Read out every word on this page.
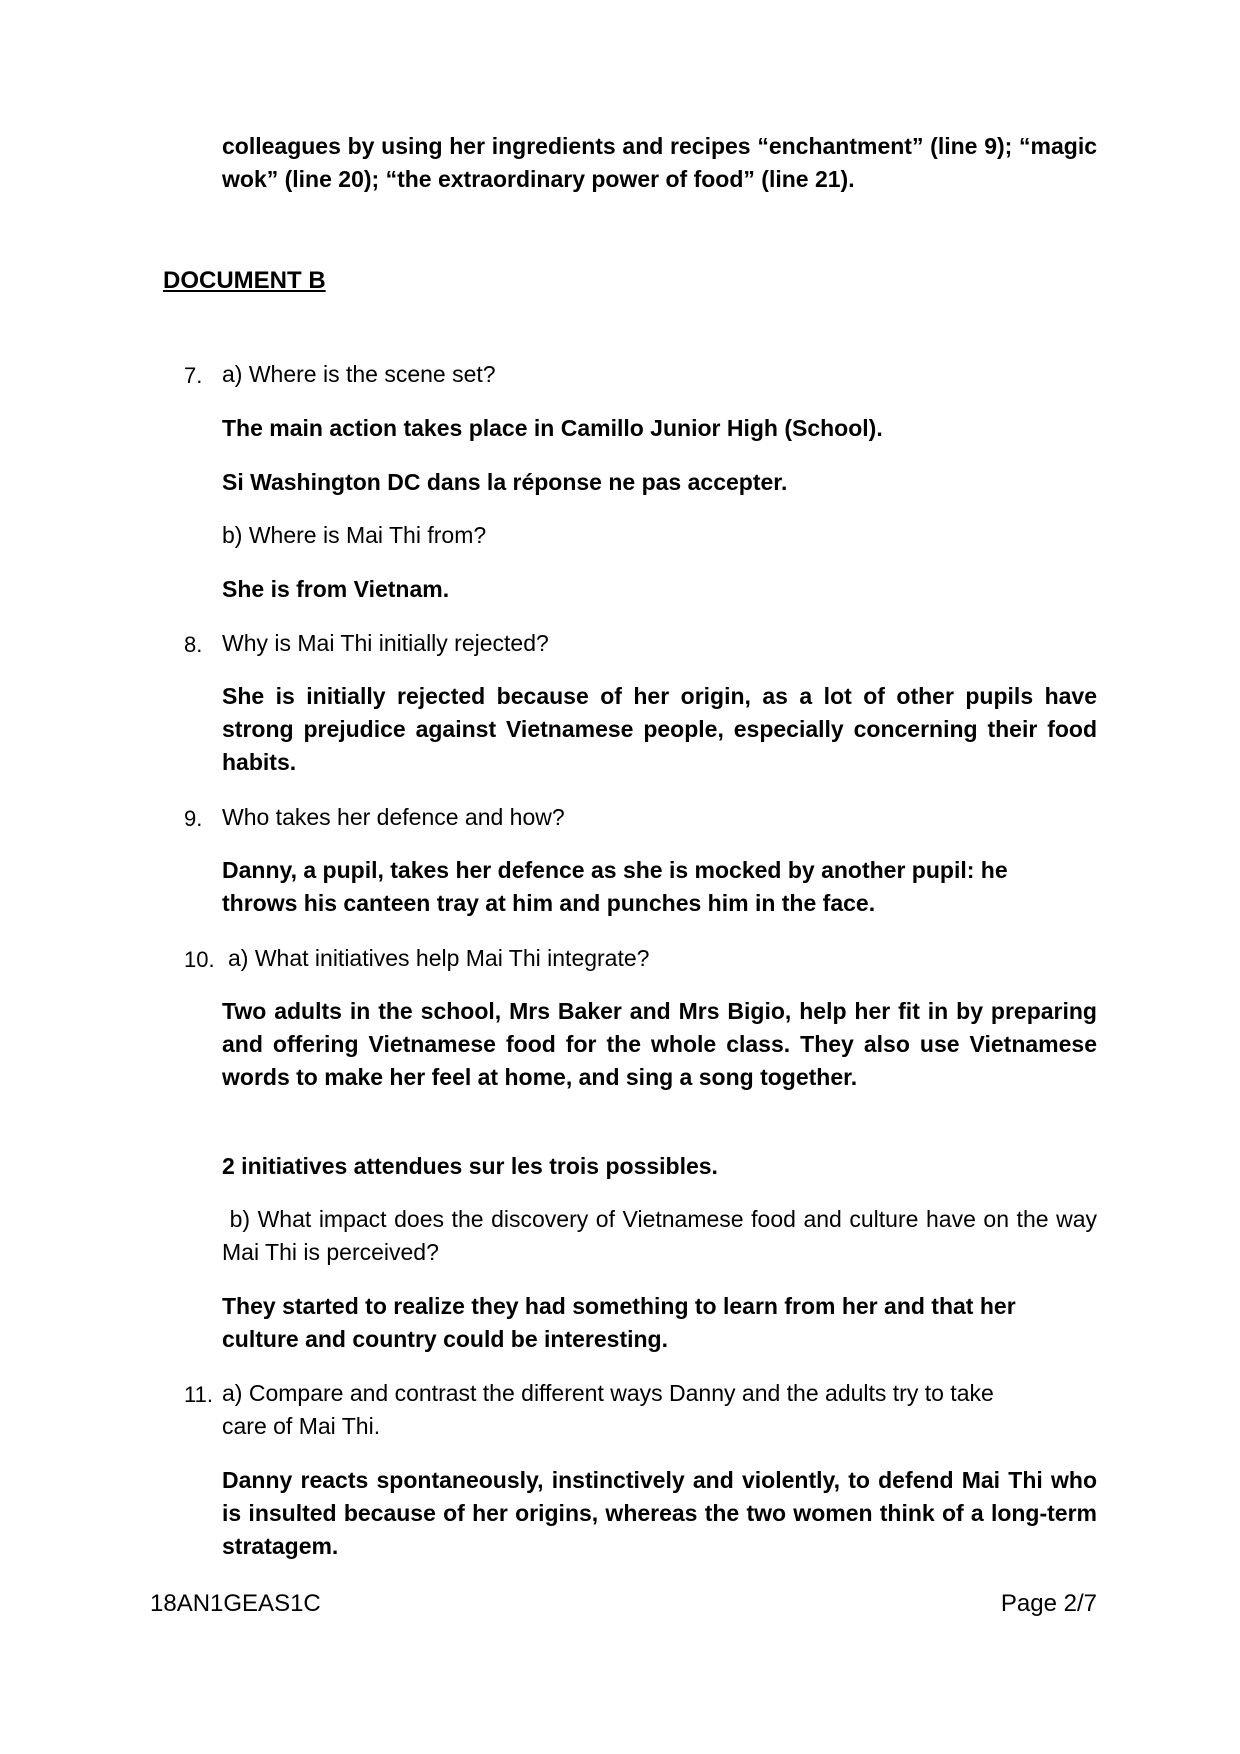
colleagues by using her ingredients and recipes “enchantment” (line 9); “magic wok” (line 20); “the extraordinary power of food” (line 21).
DOCUMENT B
7. a) Where is the scene set?
The main action takes place in Camillo Junior High (School).
Si Washington DC dans la réponse ne pas accepter.
b) Where is Mai Thi from?
She is from Vietnam.
8. Why is Mai Thi initially rejected?
She is initially rejected because of her origin, as a lot of other pupils have strong prejudice against Vietnamese people, especially concerning their food habits.
9. Who takes her defence and how?
Danny, a pupil, takes her defence as she is mocked by another pupil: he
throws his canteen tray at him and punches him in the face.
10. a) What initiatives help Mai Thi integrate?
Two adults in the school, Mrs Baker and Mrs Bigio, help her fit in by preparing and offering Vietnamese food for the whole class. They also use Vietnamese words to make her feel at home, and sing a song together.
2 initiatives attendues sur les trois possibles.
b) What impact does the discovery of Vietnamese food and culture have on the way Mai Thi is perceived?
They started to realize they had something to learn from her and that her
culture and country could be interesting.
11. a) Compare and contrast the different ways Danny and the adults try to take
care of Mai Thi.
Danny reacts spontaneously, instinctively and violently, to defend Mai Thi who is insulted because of her origins, whereas the two women think of a long-term stratagem.
18AN1GEAS1C	Page 2/7
